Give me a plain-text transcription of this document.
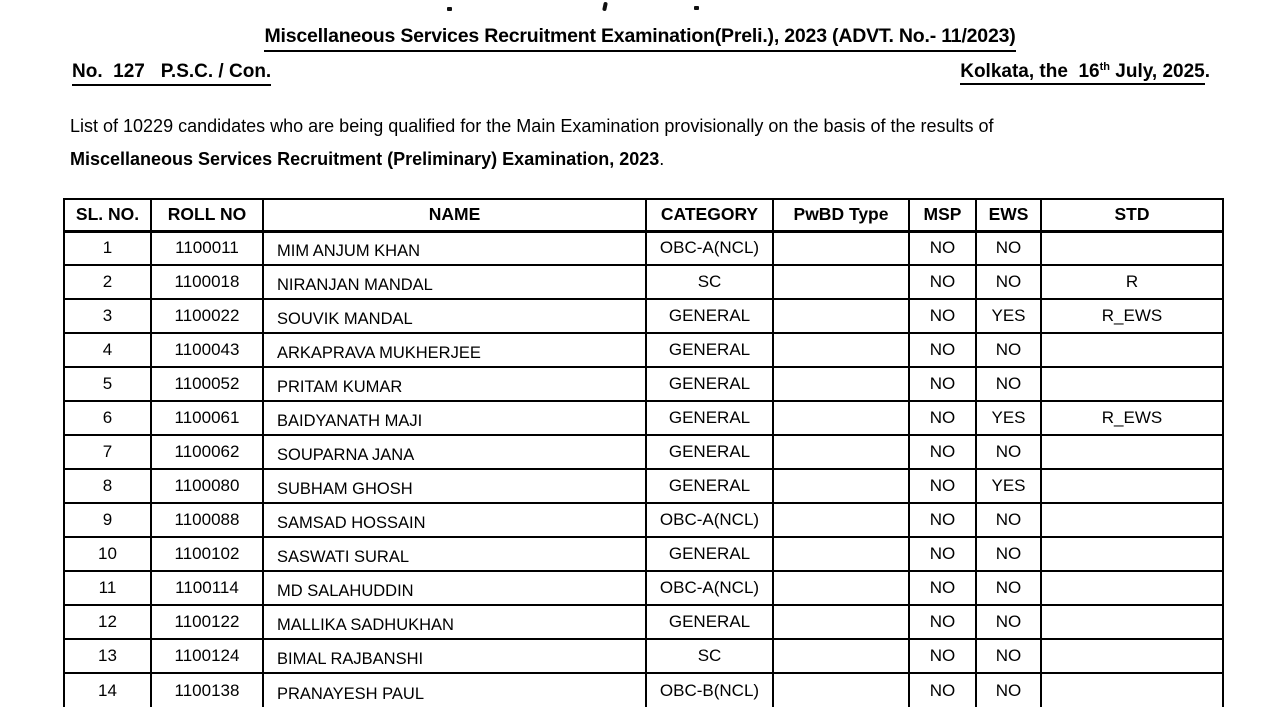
Miscellaneous Services Recruitment Examination(Preli.), 2023 (ADVT. No.- 11/2023)
No.  127   P.S.C. / Con.	Kolkata, the  16th July, 2025.
List of 10229 candidates who are being qualified for the Main Examination provisionally on the basis of the results of
Miscellaneous Services Recruitment (Preliminary) Examination, 2023.
SL. NO.	ROLL NO	NAME	CATEGORY	PwBD Type	MSP	EWS	STD
1	1100011	MIM ANJUM KHAN	OBC-A(NCL)		NO	NO	
2	1100018	NIRANJAN MANDAL	SC		NO	NO	R
3	1100022	SOUVIK MANDAL	GENERAL		NO	YES	R_EWS
4	1100043	ARKAPRAVA MUKHERJEE	GENERAL		NO	NO	
5	1100052	PRITAM KUMAR	GENERAL		NO	NO	
6	1100061	BAIDYANATH MAJI	GENERAL		NO	YES	R_EWS
7	1100062	SOUPARNA JANA	GENERAL		NO	NO	
8	1100080	SUBHAM GHOSH	GENERAL		NO	YES	
9	1100088	SAMSAD HOSSAIN	OBC-A(NCL)		NO	NO	
10	1100102	SASWATI SURAL	GENERAL		NO	NO	
11	1100114	MD SALAHUDDIN	OBC-A(NCL)		NO	NO	
12	1100122	MALLIKA SADHUKHAN	GENERAL		NO	NO	
13	1100124	BIMAL RAJBANSHI	SC		NO	NO	
14	1100138	PRANAYESH PAUL	OBC-B(NCL)		NO	NO	
